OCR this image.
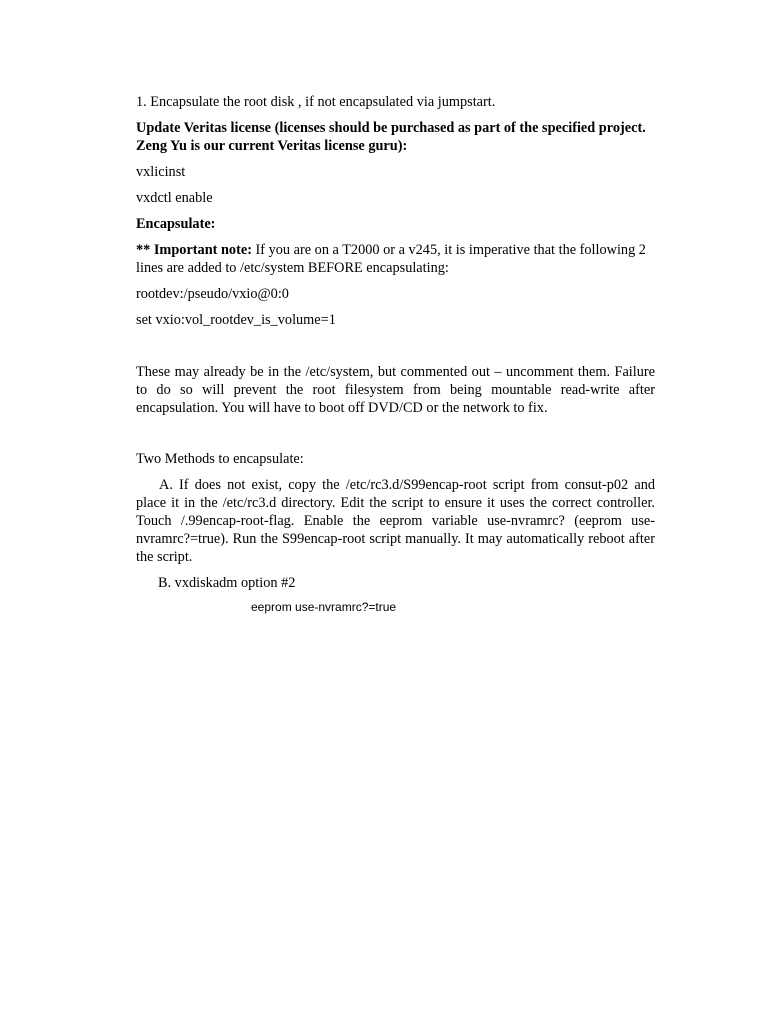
1. Encapsulate the root disk , if not encapsulated via jumpstart.

Update Veritas license (licenses should be purchased as part of the specified project. Zeng Yu is our current Veritas license guru):

vxlicinst

vxdctl enable

Encapsulate:

** Important note: If you are on a T2000 or a v245, it is imperative that the following 2 lines are added to /etc/system BEFORE encapsulating:

rootdev:/pseudo/vxio@0:0

set vxio:vol_rootdev_is_volume=1

These may already be in the /etc/system, but commented out – uncomment them. Failure to do so will prevent the root filesystem from being mountable read-write after encapsulation. You will have to boot off DVD/CD or the network to fix.

Two Methods to encapsulate:

A. If does not exist, copy the /etc/rc3.d/S99encap-root script from consut-p02 and place it in the /etc/rc3.d directory. Edit the script to ensure it uses the correct controller. Touch /.99encap-root-flag. Enable the eeprom variable use-nvramrc? (eeprom use-nvramrc?=true). Run the S99encap-root script manually. It may automatically reboot after the script.

B. vxdiskadm option #2

eeprom use-nvramrc?=true
